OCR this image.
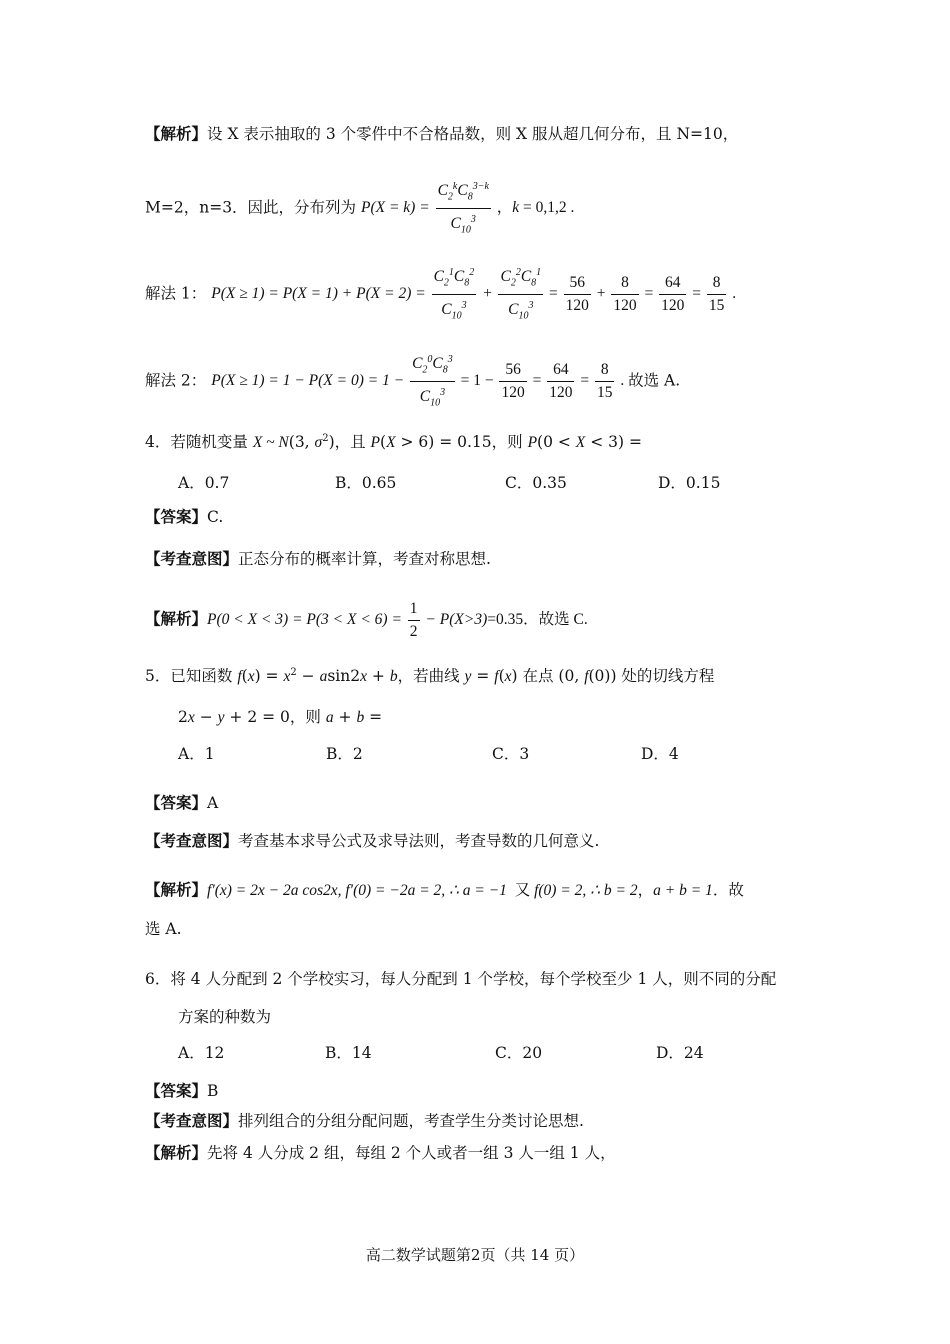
【解析】设 X 表示抽取的 3 个零件中不合格品数，则 X 服从超几何分布，且 N=10，
M=2，n=3．因此，分布列为 $P(X = k) = \frac{C_2^kC_8^{3-k}}{C_{10}^3}$ ，k = 0,1,2 .
解法 1： $P(X \ge 1) = P(X = 1) + P(X = 2) = \frac{C_2^1C_8^2}{C_{10}^3} + \frac{C_2^2C_8^1}{C_{10}^3} = \frac{56}{120} + \frac{8}{120} = \frac{64}{120} = \frac{8}{15}$ .
解法 2： $P(X \ge 1) = 1 - P(X = 0) = 1 - \frac{C_2^0C_8^3}{C_{10}^3} = 1 - \frac{56}{120} = \frac{64}{120} = \frac{8}{15}$ . 故选 A.
4．若随机变量 X ~ N(3, $\sigma^2$)，且 P(X > 6) = 0.15，则 P(0 < X < 3) =
A．0.7	B．0.65	C．0.35	D．0.15
【答案】C.
【考查意图】正态分布的概率计算，考查对称思想.
【解析】$P(0 < X < 3) = P(3 < X < 6) = \frac{1}{2} - P(X>3)=0.35$．故选 C.
5．已知函数 $f(x) = x^2 - asin2x + b$，若曲线 y = f(x) 在点 (0, f(0)) 处的切线方程
2x − y + 2 = 0，则 a + b =
A．1	B．2	C．3	D．4
【答案】A
【考查意图】考查基本求导公式及求导法则，考查导数的几何意义.
【解析】f′(x) = 2x − 2a cos2x, f′(0) = −2a = 2, ∴ a = −1  又 f(0) = 2, ∴ b = 2，a + b = 1．故
选 A.
6．将 4 人分配到 2 个学校实习，每人分配到 1 个学校，每个学校至少 1 人，则不同的分配
方案的种数为
A．12	B．14	C．20	D．24
【答案】B
【考查意图】排列组合的分组分配问题，考查学生分类讨论思想.
【解析】先将 4 人分成 2 组，每组 2 个人或者一组 3 人一组 1 人，
高二数学试题第2页（共 14 页）
